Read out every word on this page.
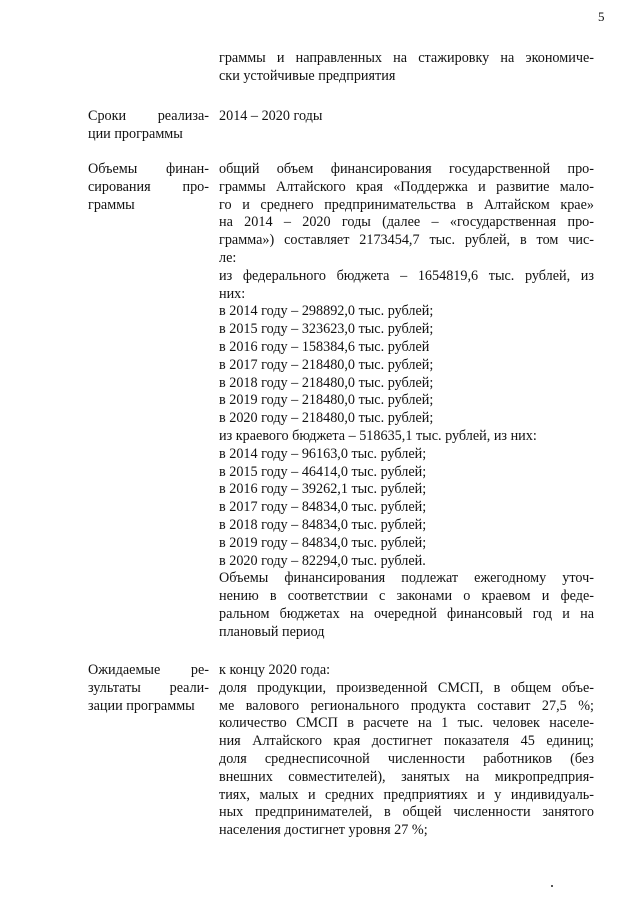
5
граммы и направленных на стажировку на экономиче-
ски устойчивые предприятия
Сроки реализа-
ции программы
2014 – 2020 годы
Объемы финан-
сирования про-
граммы
общий объем финансирования государственной про-
граммы Алтайского края «Поддержка и развитие мало-
го и среднего предпринимательства в Алтайском крае»
на 2014 – 2020 годы (далее – «государственная про-
грамма») составляет 2173454,7 тыс. рублей, в том чис-
ле:
из федерального бюджета – 1654819,6 тыс. рублей, из
них:
в 2014 году – 298892,0 тыс. рублей;
в 2015 году – 323623,0 тыс. рублей;
в 2016 году – 158384,6 тыс. рублей
в 2017 году – 218480,0 тыс. рублей;
в 2018 году – 218480,0 тыс. рублей;
в 2019 году – 218480,0 тыс. рублей;
в 2020 году – 218480,0 тыс. рублей;
из краевого бюджета – 518635,1 тыс. рублей, из них:
в 2014 году – 96163,0 тыс. рублей;
в 2015 году – 46414,0 тыс. рублей;
в 2016 году – 39262,1 тыс. рублей;
в 2017 году – 84834,0 тыс. рублей;
в 2018 году – 84834,0 тыс. рублей;
в 2019 году – 84834,0 тыс. рублей;
в 2020 году – 82294,0 тыс. рублей.
Объемы финансирования подлежат ежегодному уточ-
нению в соответствии с законами о краевом и феде-
ральном бюджетах на очередной финансовый год и на
плановый период
Ожидаемые ре-
зультаты реали-
зации программы
к концу 2020 года:
доля продукции, произведенной СМСП, в общем объе-
ме валового регионального продукта составит 27,5 %;
количество СМСП в расчете на 1 тыс. человек населе-
ния Алтайского края достигнет показателя 45 единиц;
доля среднесписочной численности работников (без
внешних совместителей), занятых на микропредприя-
тиях, малых и средних предприятиях и у индивидуаль-
ных предпринимателей, в общей численности занятого
населения достигнет уровня 27 %;
